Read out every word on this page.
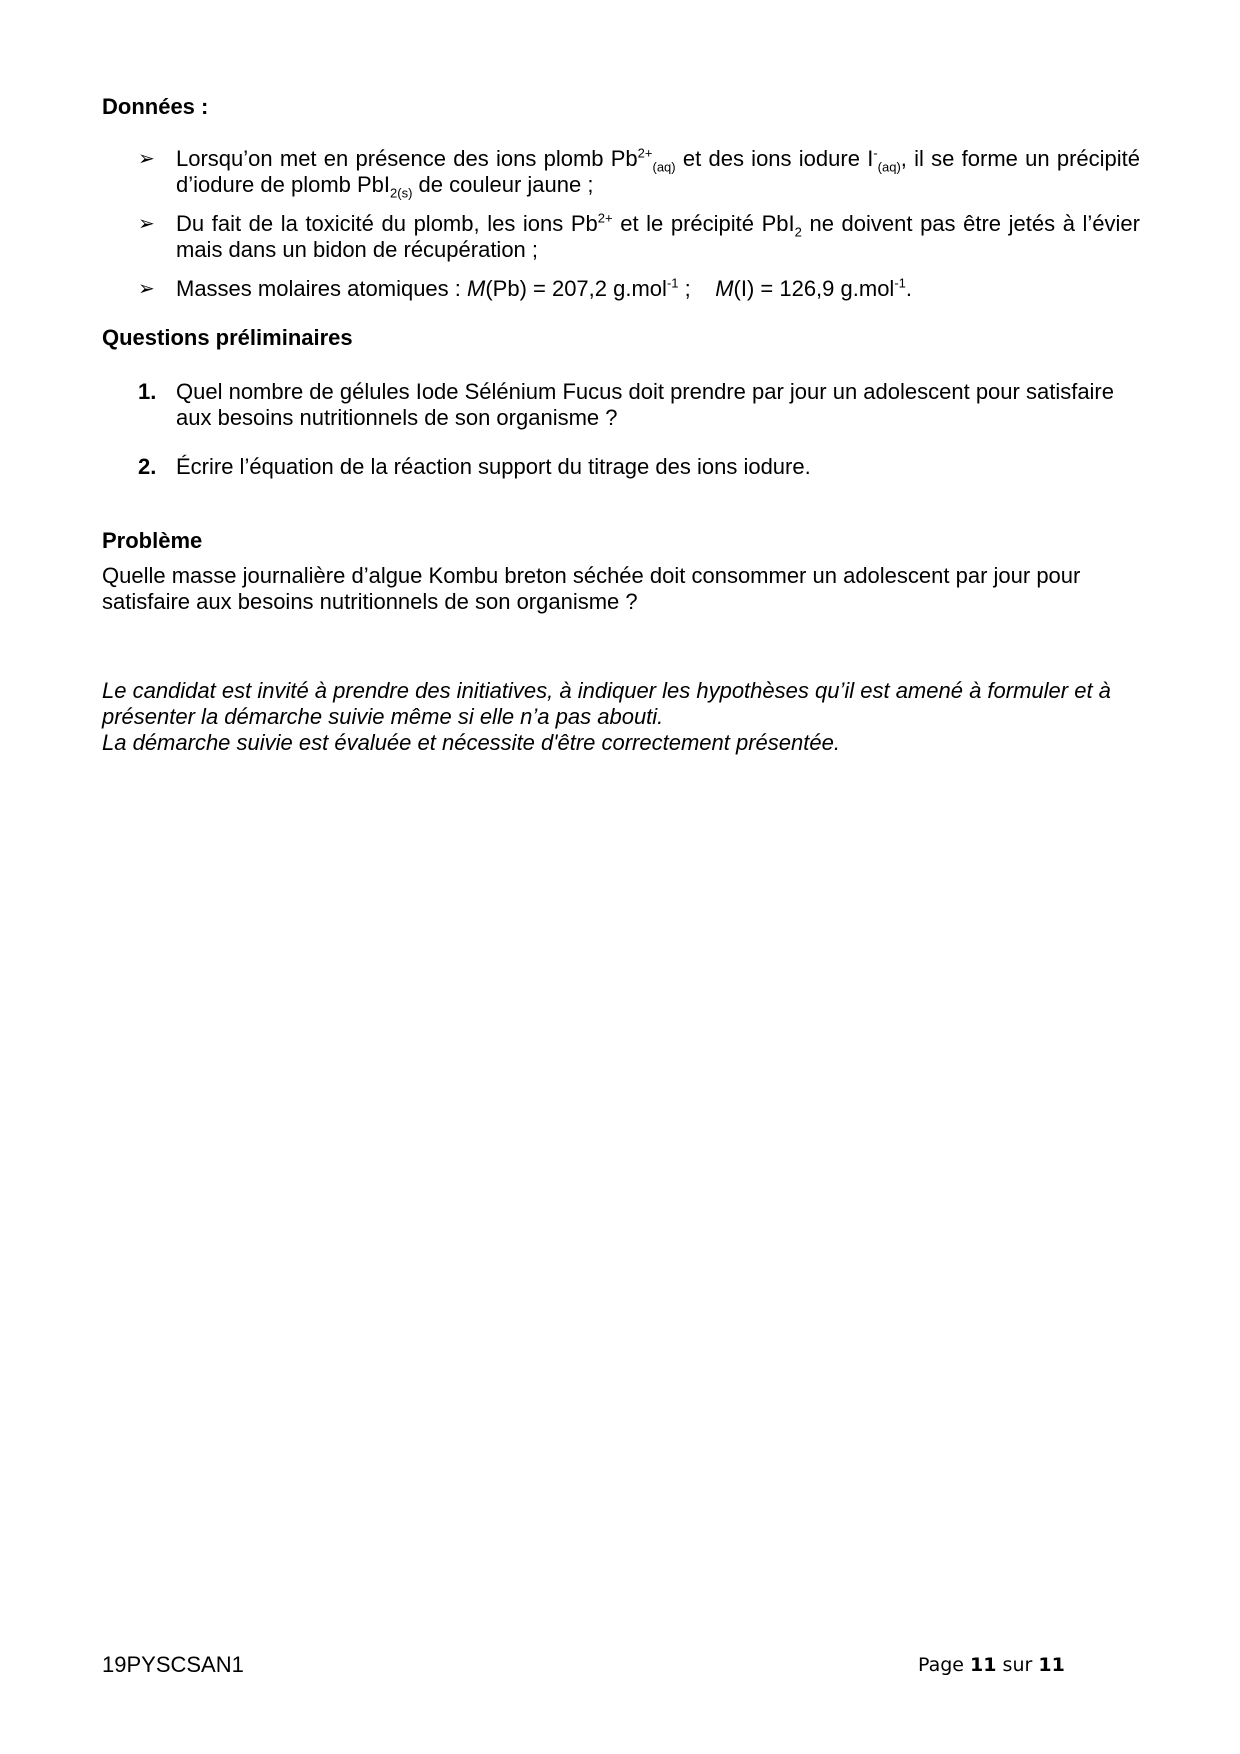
Données :
➢ Lorsqu’on met en présence des ions plomb $Pb^{2+}_{(aq)}$ et des ions iodure $I^-_{(aq)}$, il se forme un précipité d’iodure de plomb PbI$_{2(s)}$ de couleur jaune ;
➢ Du fait de la toxicité du plomb, les ions $Pb^{2+}$ et le précipité PbI$_2$ ne doivent pas être jetés à l’évier mais dans un bidon de récupération ;
➢ Masses molaires atomiques : M(Pb) = 207,2 g.mol$^{-1}$ ;    M(I) = 126,9 g.mol$^{-1}$.
Questions préliminaires
1. Quel nombre de gélules Iode Sélénium Fucus doit prendre par jour un adolescent pour satisfaire aux besoins nutritionnels de son organisme ?
2. Écrire l’équation de la réaction support du titrage des ions iodure.
Problème
Quelle masse journalière d’algue Kombu breton séchée doit consommer un adolescent par jour pour satisfaire aux besoins nutritionnels de son organisme ?
Le candidat est invité à prendre des initiatives, à indiquer les hypothèses qu’il est amené à formuler et à présenter la démarche suivie même si elle n’a pas abouti.
La démarche suivie est évaluée et nécessite d'être correctement présentée.
19PYSCSAN1	Page 11 sur 11
